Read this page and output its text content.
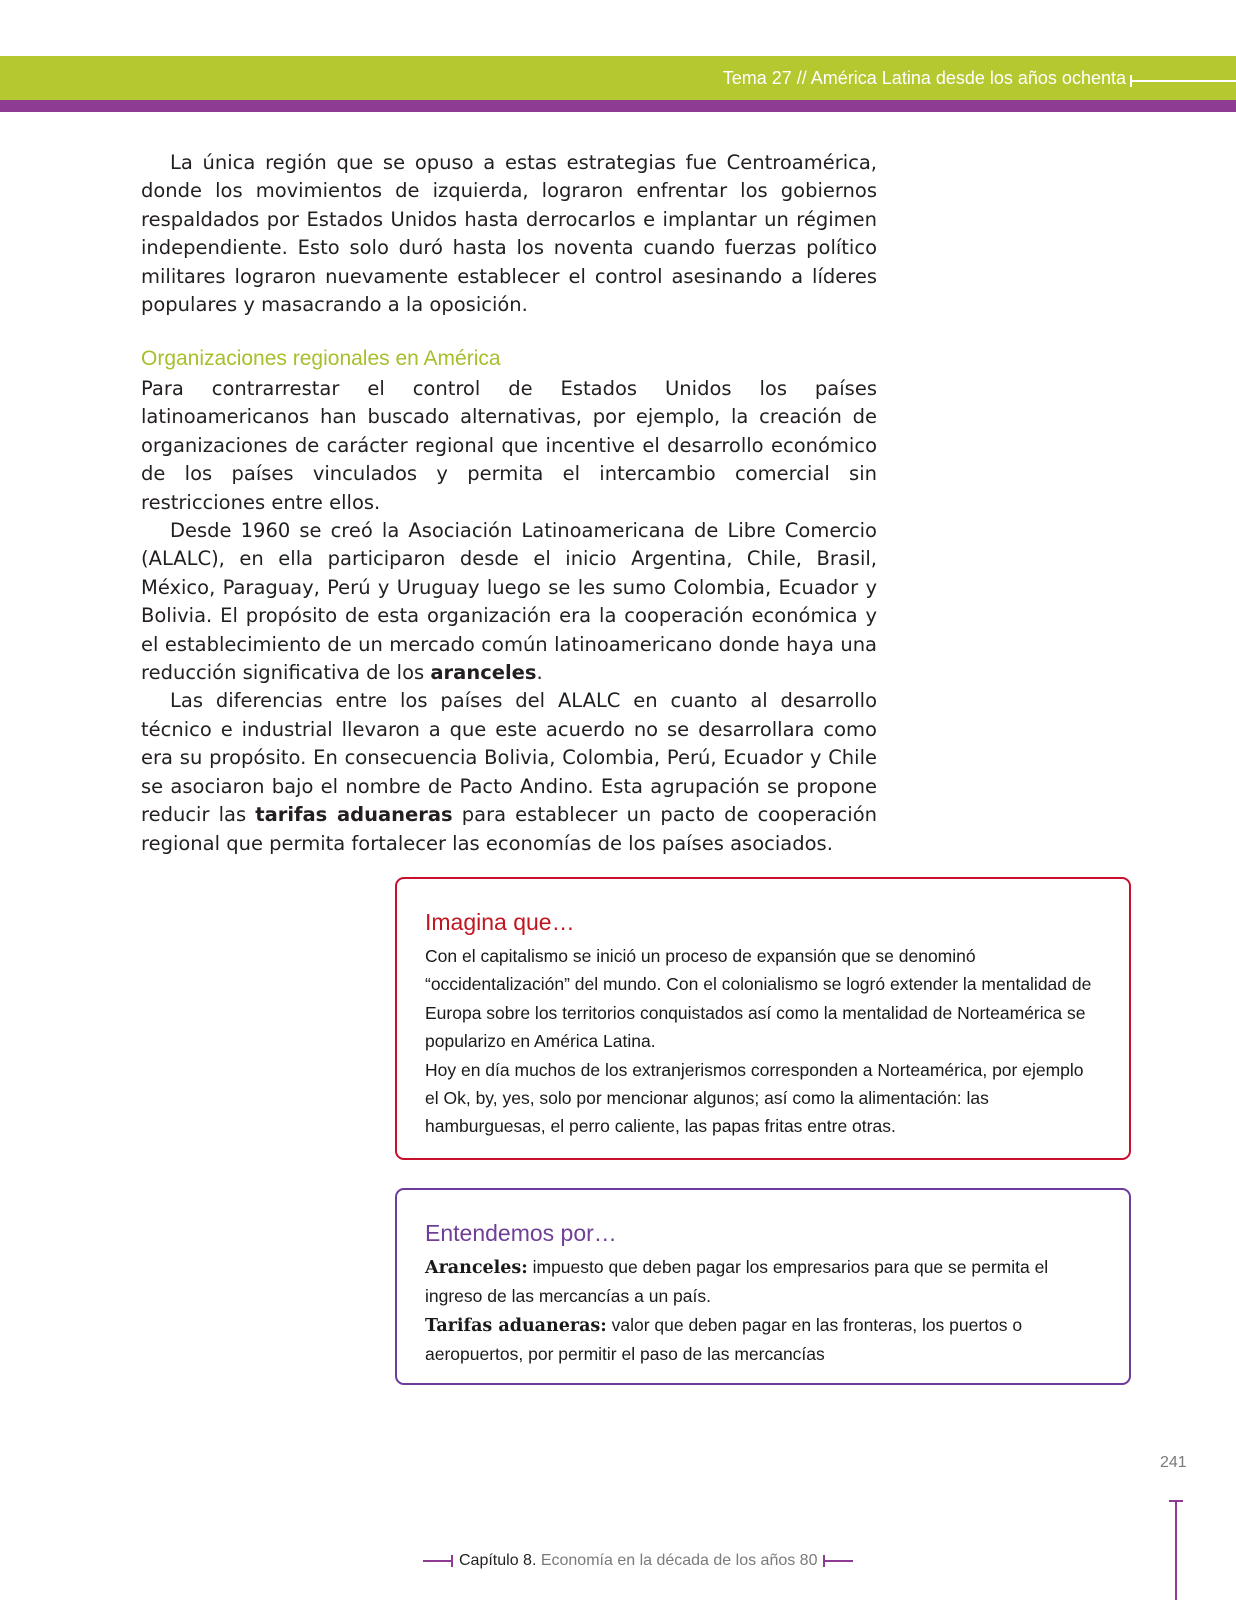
Tema 27 // América Latina desde los años ochenta

La única región que se opuso a estas estrategias fue Centroamérica, donde los movimientos de izquierda, lograron enfrentar los gobiernos respaldados por Estados Unidos hasta derrocarlos e implantar un régimen independiente. Esto solo duró hasta los noventa cuando fuerzas político militares lograron nuevamente establecer el control asesinando a líderes populares y masacrando a la oposición.

Organizaciones regionales en América

Para contrarrestar el control de Estados Unidos los países latinoamericanos han buscado alternativas, por ejemplo, la creación de organizaciones de carácter regional que incentive el desarrollo económico de los países vinculados y permita el intercambio comercial sin restricciones entre ellos.

Desde 1960 se creó la Asociación Latinoamericana de Libre Comercio (ALALC), en ella participaron desde el inicio Argentina, Chile, Brasil, México, Paraguay, Perú y Uruguay luego se les sumo Colombia, Ecuador y Bolivia. El propósito de esta organización era la cooperación económica y el establecimiento de un mercado común latinoamericano donde haya una reducción significativa de los aranceles.

Las diferencias entre los países del ALALC en cuanto al desarrollo técnico e industrial llevaron a que este acuerdo no se desarrollara como era su propósito. En consecuencia Bolivia, Colombia, Perú, Ecuador y Chile se asociaron bajo el nombre de Pacto Andino. Esta agrupación se propone reducir las tarifas aduaneras para establecer un pacto de cooperación regional que permita fortalecer las economías de los países asociados.

Imagina que…

Con el capitalismo se inició un proceso de expansión que se denominó “occidentalización” del mundo. Con el colonialismo se logró extender la mentalidad de Europa sobre los territorios conquistados así como la mentalidad de Norteamérica se popularizo en América Latina.

Hoy en día muchos de los extranjerismos corresponden a Norteamérica, por ejemplo el Ok, by, yes, solo por mencionar algunos; así como la alimentación: las hamburguesas, el perro caliente, las papas fritas entre otras.

Entendemos por…

Aranceles: impuesto que deben pagar los empresarios para que se permita el ingreso de las mercancías a un país.

Tarifas aduaneras: valor que deben pagar en las fronteras, los puertos o aeropuertos, por permitir el paso de las mercancías

241
Capítulo 8. Economía en la década de los años 80
